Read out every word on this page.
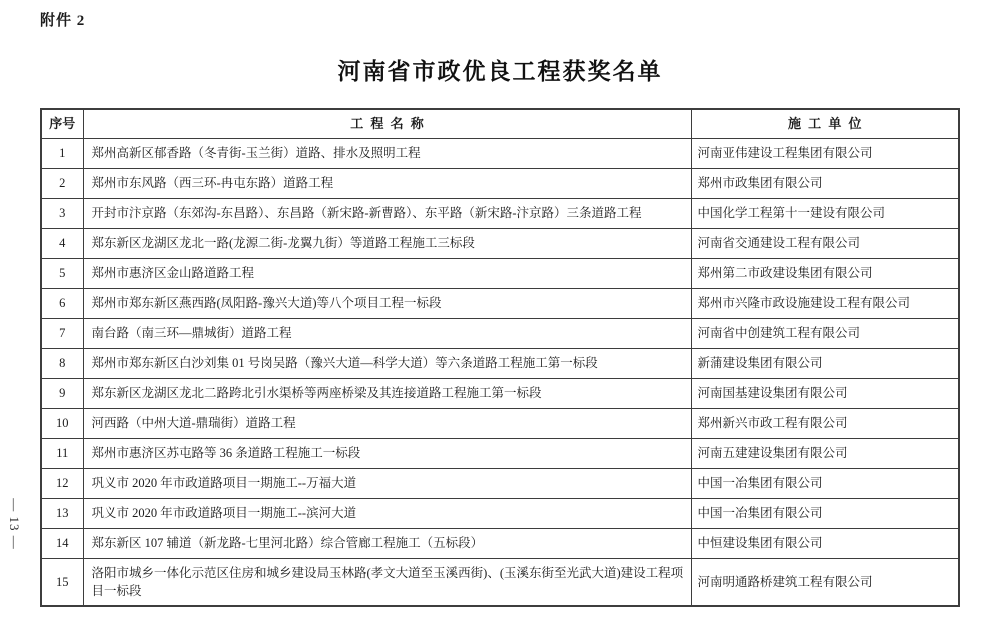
附件 2
河南省市政优良工程获奖名单
— 13 —
序号	工程名称	施工单位
1	郑州高新区郁香路（冬青街-玉兰街）道路、排水及照明工程	河南亚伟建设工程集团有限公司
2	郑州市东风路（西三环-冉屯东路）道路工程	郑州市政集团有限公司
3	开封市汴京路（东郊沟-东昌路）、东昌路（新宋路-新曹路）、东平路（新宋路-汴京路）三条道路工程	中国化学工程第十一建设有限公司
4	郑东新区龙湖区龙北一路(龙源二街-龙翼九街）等道路工程施工三标段	河南省交通建设工程有限公司
5	郑州市惠济区金山路道路工程	郑州第二市政建设集团有限公司
6	郑州市郑东新区燕西路(凤阳路-豫兴大道)等八个项目工程一标段	郑州市兴隆市政设施建设工程有限公司
7	南台路（南三环—鼎城街）道路工程	河南省中创建筑工程有限公司
8	郑州市郑东新区白沙刘集 01 号岗吴路（豫兴大道—科学大道）等六条道路工程施工第一标段	新蒲建设集团有限公司
9	郑东新区龙湖区龙北二路跨北引水渠桥等两座桥梁及其连接道路工程施工第一标段	河南国基建设集团有限公司
10	河西路（中州大道-鼎瑞街）道路工程	郑州新兴市政工程有限公司
11	郑州市惠济区苏屯路等 36 条道路工程施工一标段	河南五建建设集团有限公司
12	巩义市 2020 年市政道路项目一期施工--万福大道	中国一冶集团有限公司
13	巩义市 2020 年市政道路项目一期施工--滨河大道	中国一冶集团有限公司
14	郑东新区 107 辅道（新龙路-七里河北路）综合管廊工程施工（五标段）	中恒建设集团有限公司
15	洛阳市城乡一体化示范区住房和城乡建设局玉林路(孝文大道至玉溪西街)、(玉溪东街至光武大道)建设工程项目一标段	河南明通路桥建筑工程有限公司
